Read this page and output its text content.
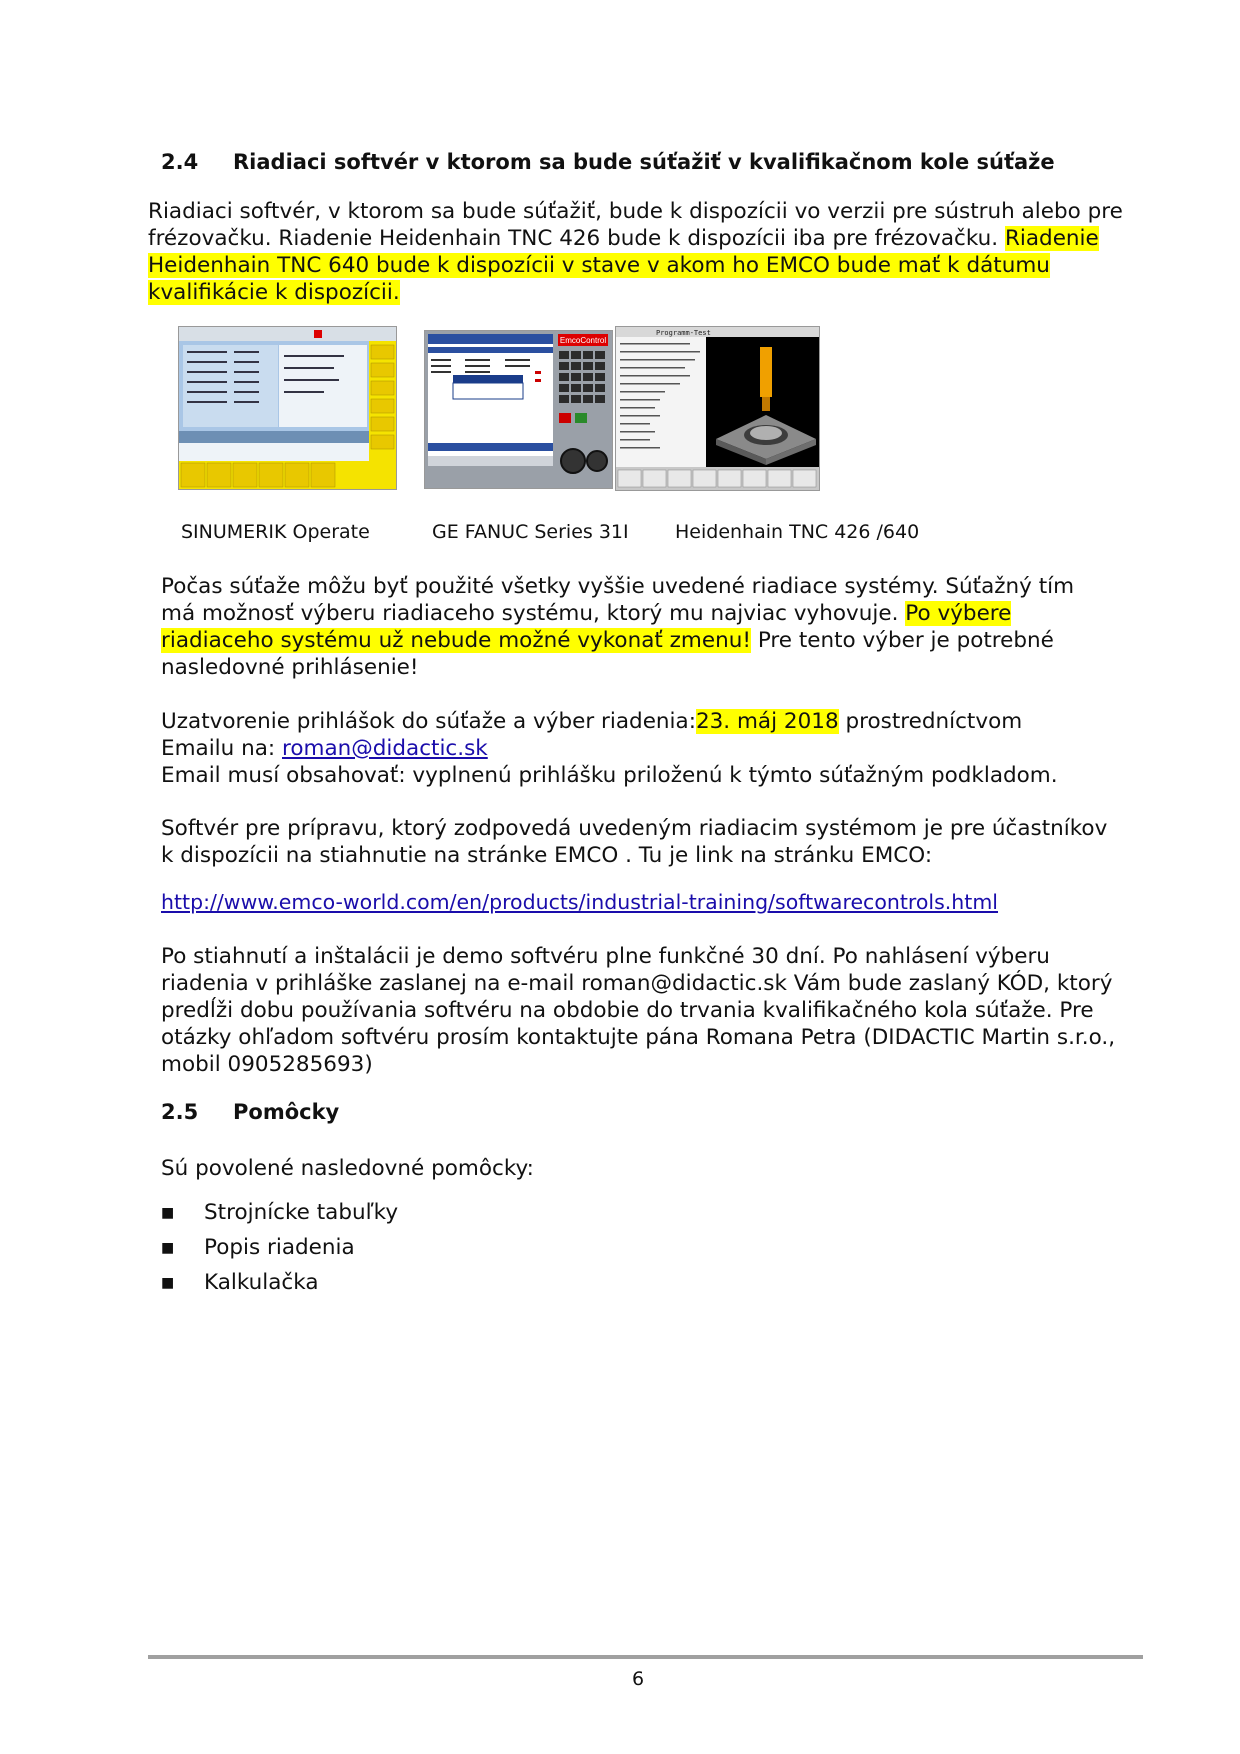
2.4 Riadiaci softvér v ktorom sa bude súťažiť v kvalifikačnom kole súťaže

Riadiaci softvér, v ktorom sa bude súťažiť, bude k dispozícii vo verzii pre sústruh alebo pre

frézovačku. Riadenie Heidenhain TNC 426 bude k dispozícii iba pre frézovačku. Riadenie

Heidenhain TNC 640 bude k dispozícii v stave v akom ho EMCO bude mať k dátumu

kvalifikácie k dispozícii.

EmcoControl
Programm-Test
SINUMERIK Operate	GE FANUC Series 31I Heidenhain TNC 426 /640

Počas súťaže môžu byť použité všetky vyššie uvedené riadiace systémy. Súťažný tím

má možnosť výberu riadiaceho systému, ktorý mu najviac vyhovuje. Po výbere

riadiaceho systému už nebude možné vykonať zmenu! Pre tento výber je potrebné

nasledovné prihlásenie!

Uzatvorenie prihlášok do súťaže a výber riadenia:23. máj 2018 prostredníctvom

Emailu na: roman@didactic.sk

Email musí obsahovať: vyplnenú prihlášku priloženú k týmto súťažným podkladom.

Softvér pre prípravu, ktorý zodpovedá uvedeným riadiacim systémom je pre účastníkov

k dispozícii na stiahnutie na stránke EMCO . Tu je link na stránku EMCO:

http://www.emco-world.com/en/products/industrial-training/softwarecontrols.html

Po stiahnutí a inštalácii je demo softvéru plne funkčné 30 dní. Po nahlásení výberu

riadenia v prihláške zaslanej na e-mail roman@didactic.sk Vám bude zaslaný KÓD, ktorý

predĺži dobu používania softvéru na obdobie do trvania kvalifikačného kola súťaže. Pre

otázky ohľadom softvéru prosím kontaktujte pána Romana Petra (DIDACTIC Martin s.r.o.,

mobil 0905285693)

2.5 Pomôcky

Sú povolené nasledovné pomôcky:

■	Strojnícke tabuľky
■	Popis riadenia
■	Kalkulačka
6
